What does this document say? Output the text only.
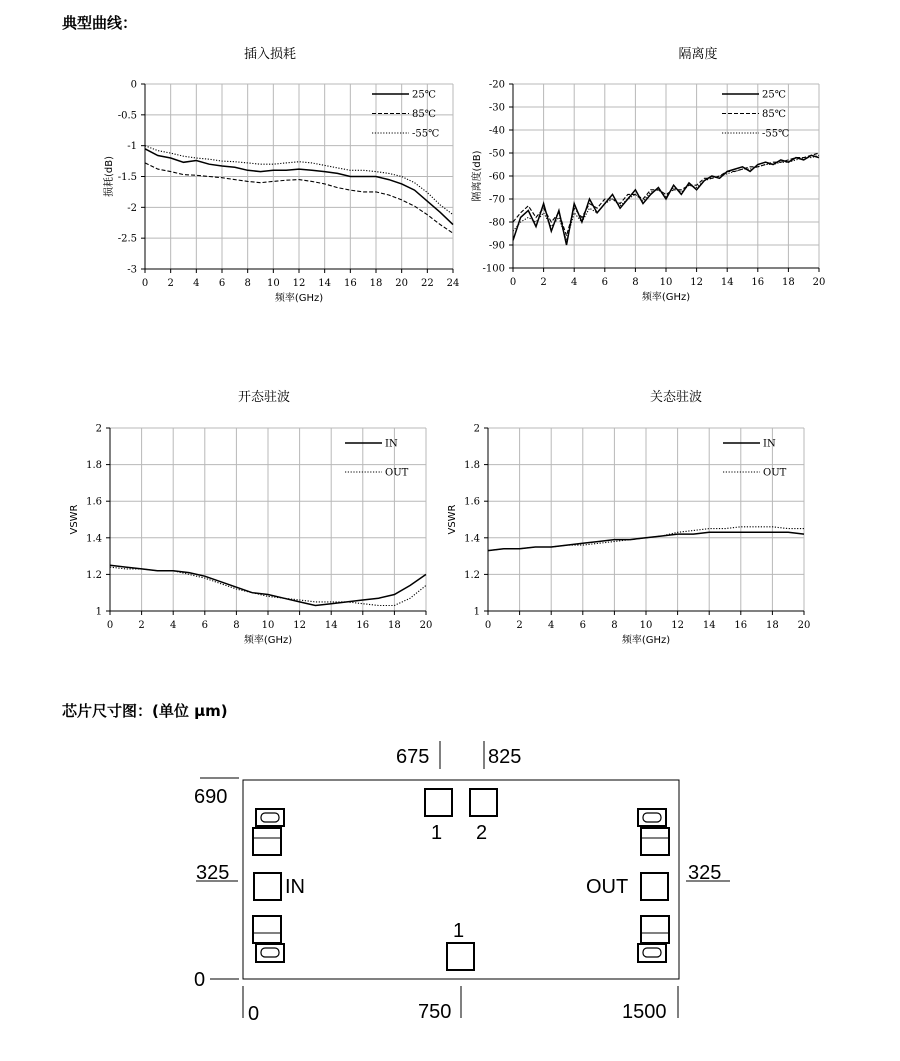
典型曲线：
插入损耗
0 2 4 6 8 10 12 14 16 18 20 22 24
0
-0.5
-1
-1.5
-2
-2.5
-3
频率(GHz)
损耗(dB)
25℃
85℃
-55℃
隔离度
0 2 4 6 8 10 12 14 16 18 20
-20
-30
-40
-50
-60
-70
-80
-90
-100
频率(GHz)
隔离度(dB)
25℃
85℃
-55℃
开态驻波
0	2	4	6	8 10 12 14 16 18 20
2
1.8
1.6
1.4
1.2
1
频率(GHz)
VSWR
IN
OUT
关态驻波
0	2	4	6	8 10 12 14 16 18 20
2
1.8
1.6
1.4
1.2
1
频率(GHz)
VSWR
IN
OUT
芯片尺寸图：(单位 μm)
675	825
690
325
0
325
0	750	1500
1 2
1
IN	OUT
